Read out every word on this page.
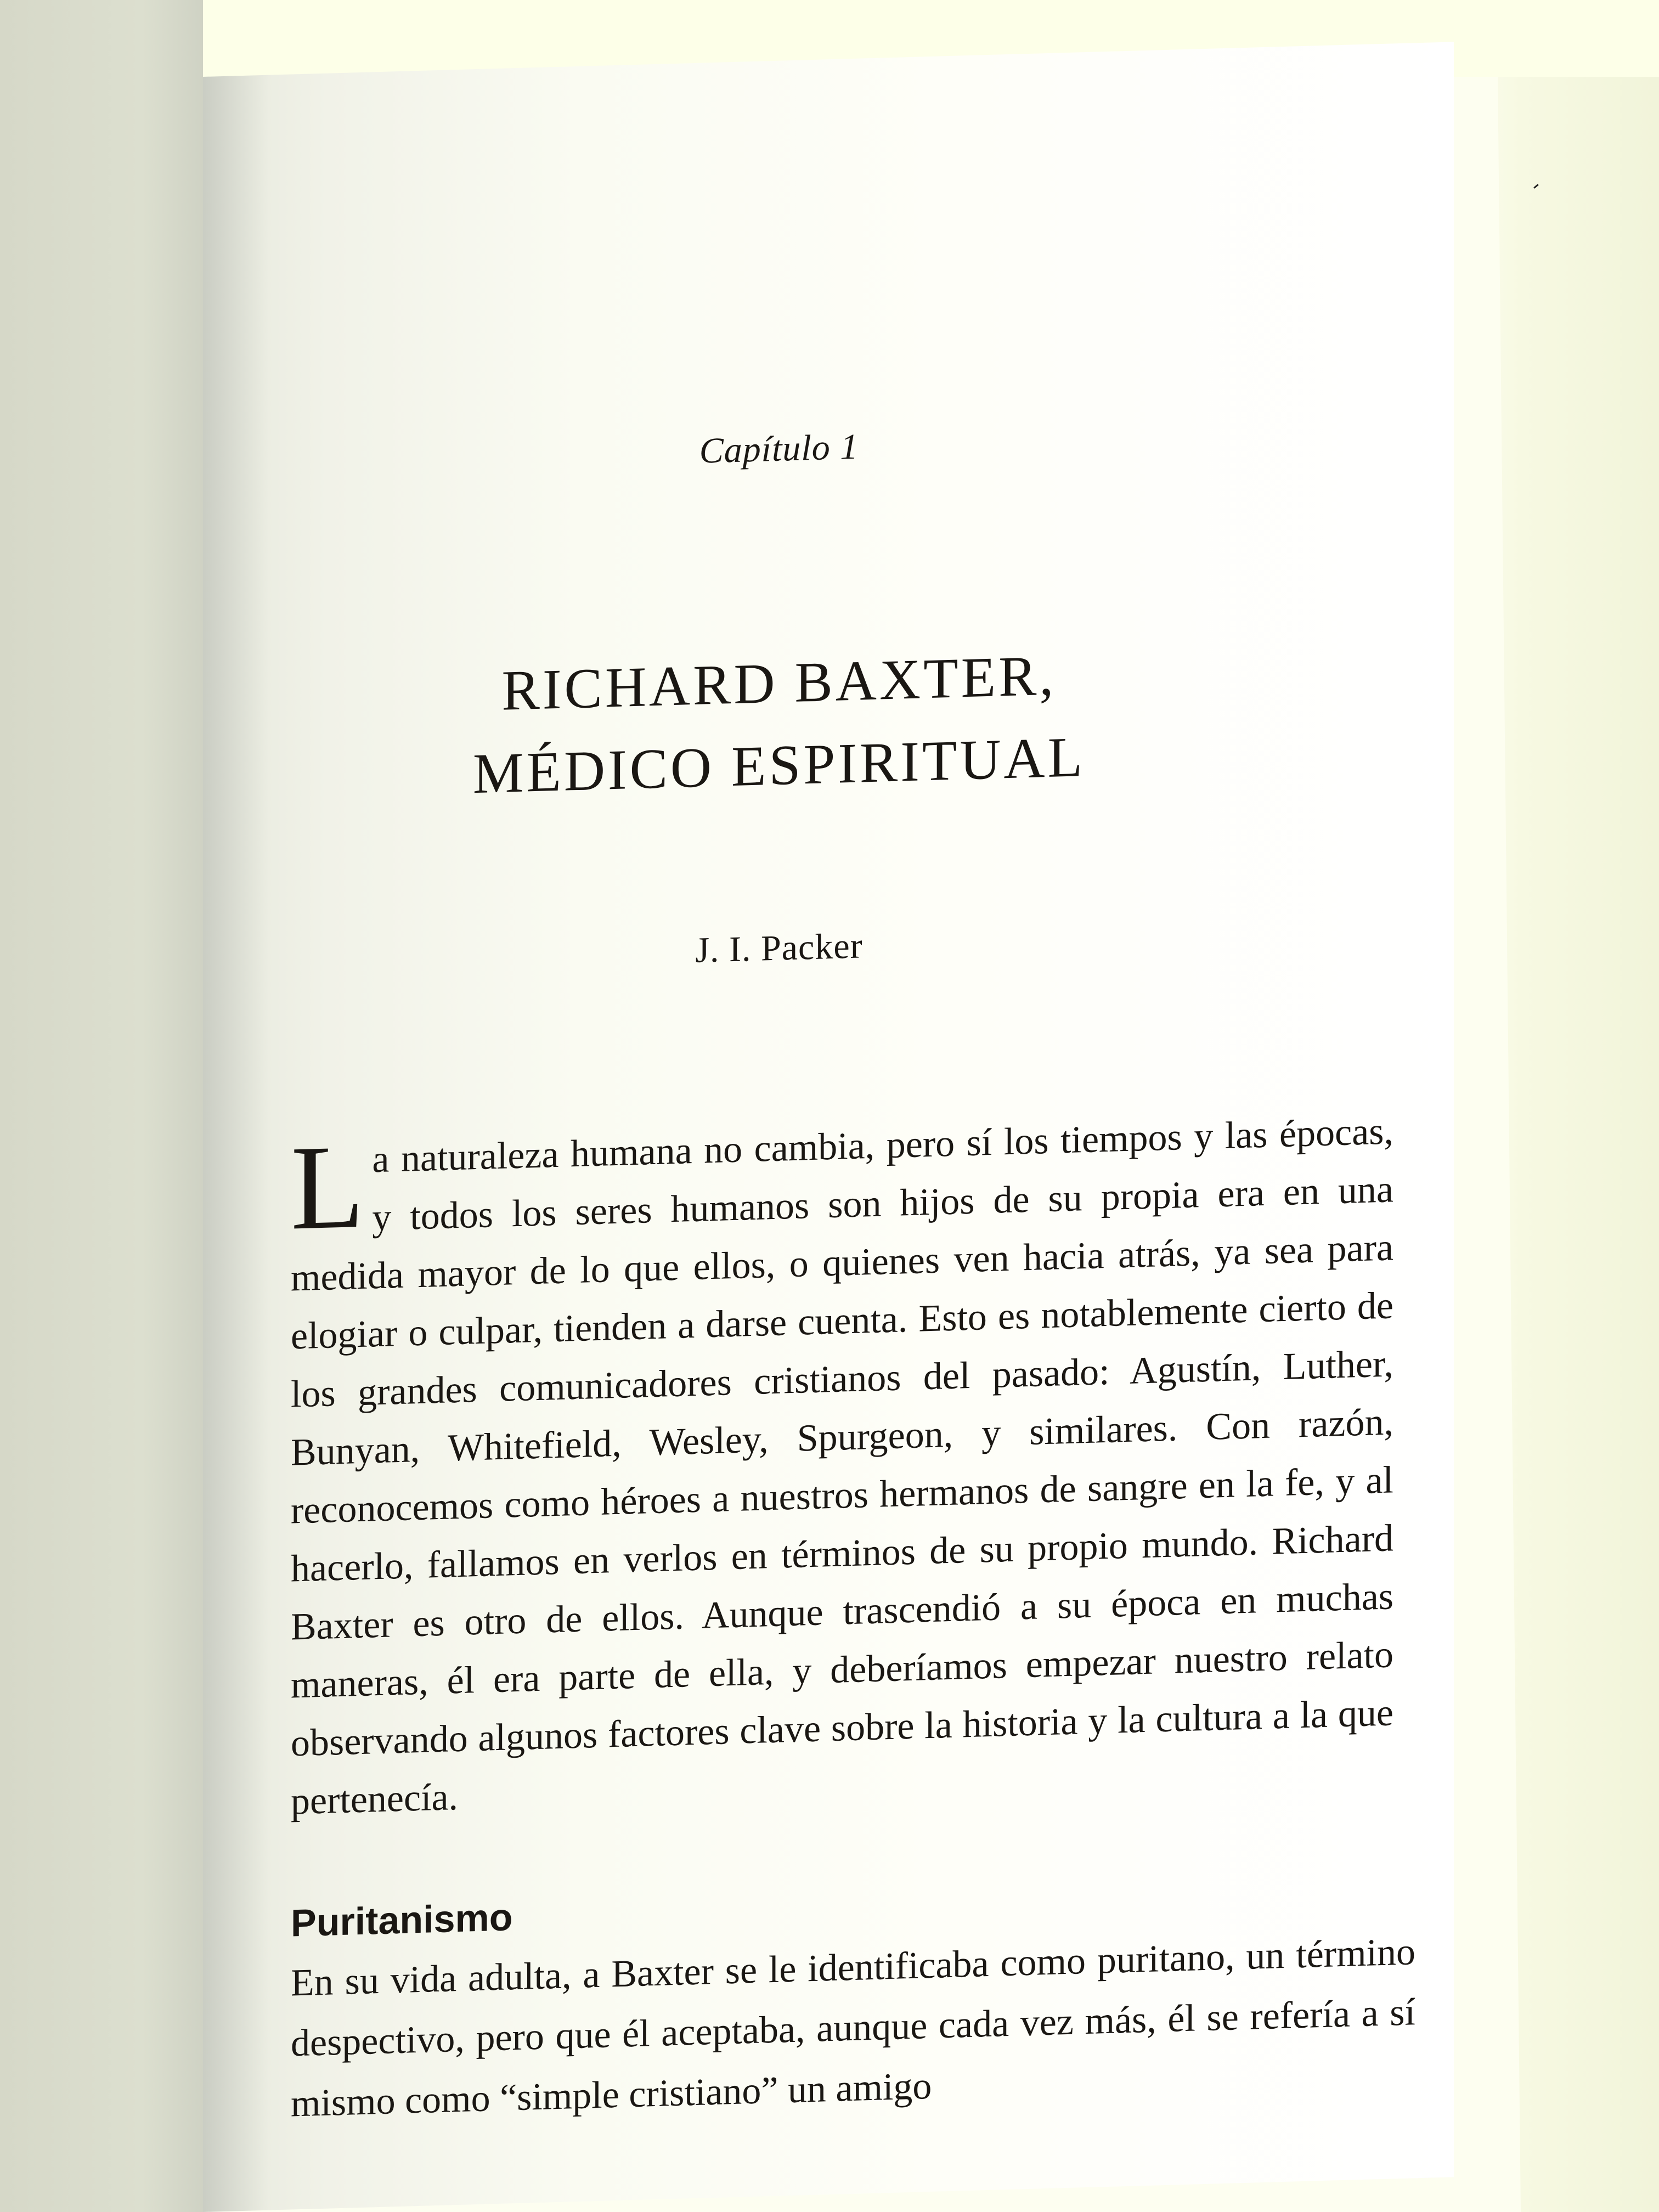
Capítulo 1
RICHARD BAXTER,
MÉDICO ESPIRITUAL
J. I. Packer

La naturaleza humana no cambia, pero sí los tiempos y las épocas, y todos los seres humanos son hijos de su propia era en una medida mayor de lo que ellos, o quienes ven hacia atrás, ya sea para elogiar o culpar, tienden a darse cuenta. Esto es notablemente cierto de los grandes comunicadores cristianos del pasado: Agustín, Luther, Bunyan, Whitefield, Wesley, Spurgeon, y similares. Con razón, reconocemos como héroes a nuestros hermanos de sangre en la fe, y al hacerlo, fallamos en verlos en términos de su propio mundo. Richard Baxter es otro de ellos. Aunque trascendió a su época en muchas maneras, él era parte de ella, y deberíamos empezar nuestro relato observando algunos factores clave sobre la historia y la cultura a la que pertenecía.

Puritanismo

En su vida adulta, a Baxter se le identificaba como puritano, un término despectivo, pero que él aceptaba, aunque cada vez más, él se refería a sí mismo como “simple cristiano” un amigo
